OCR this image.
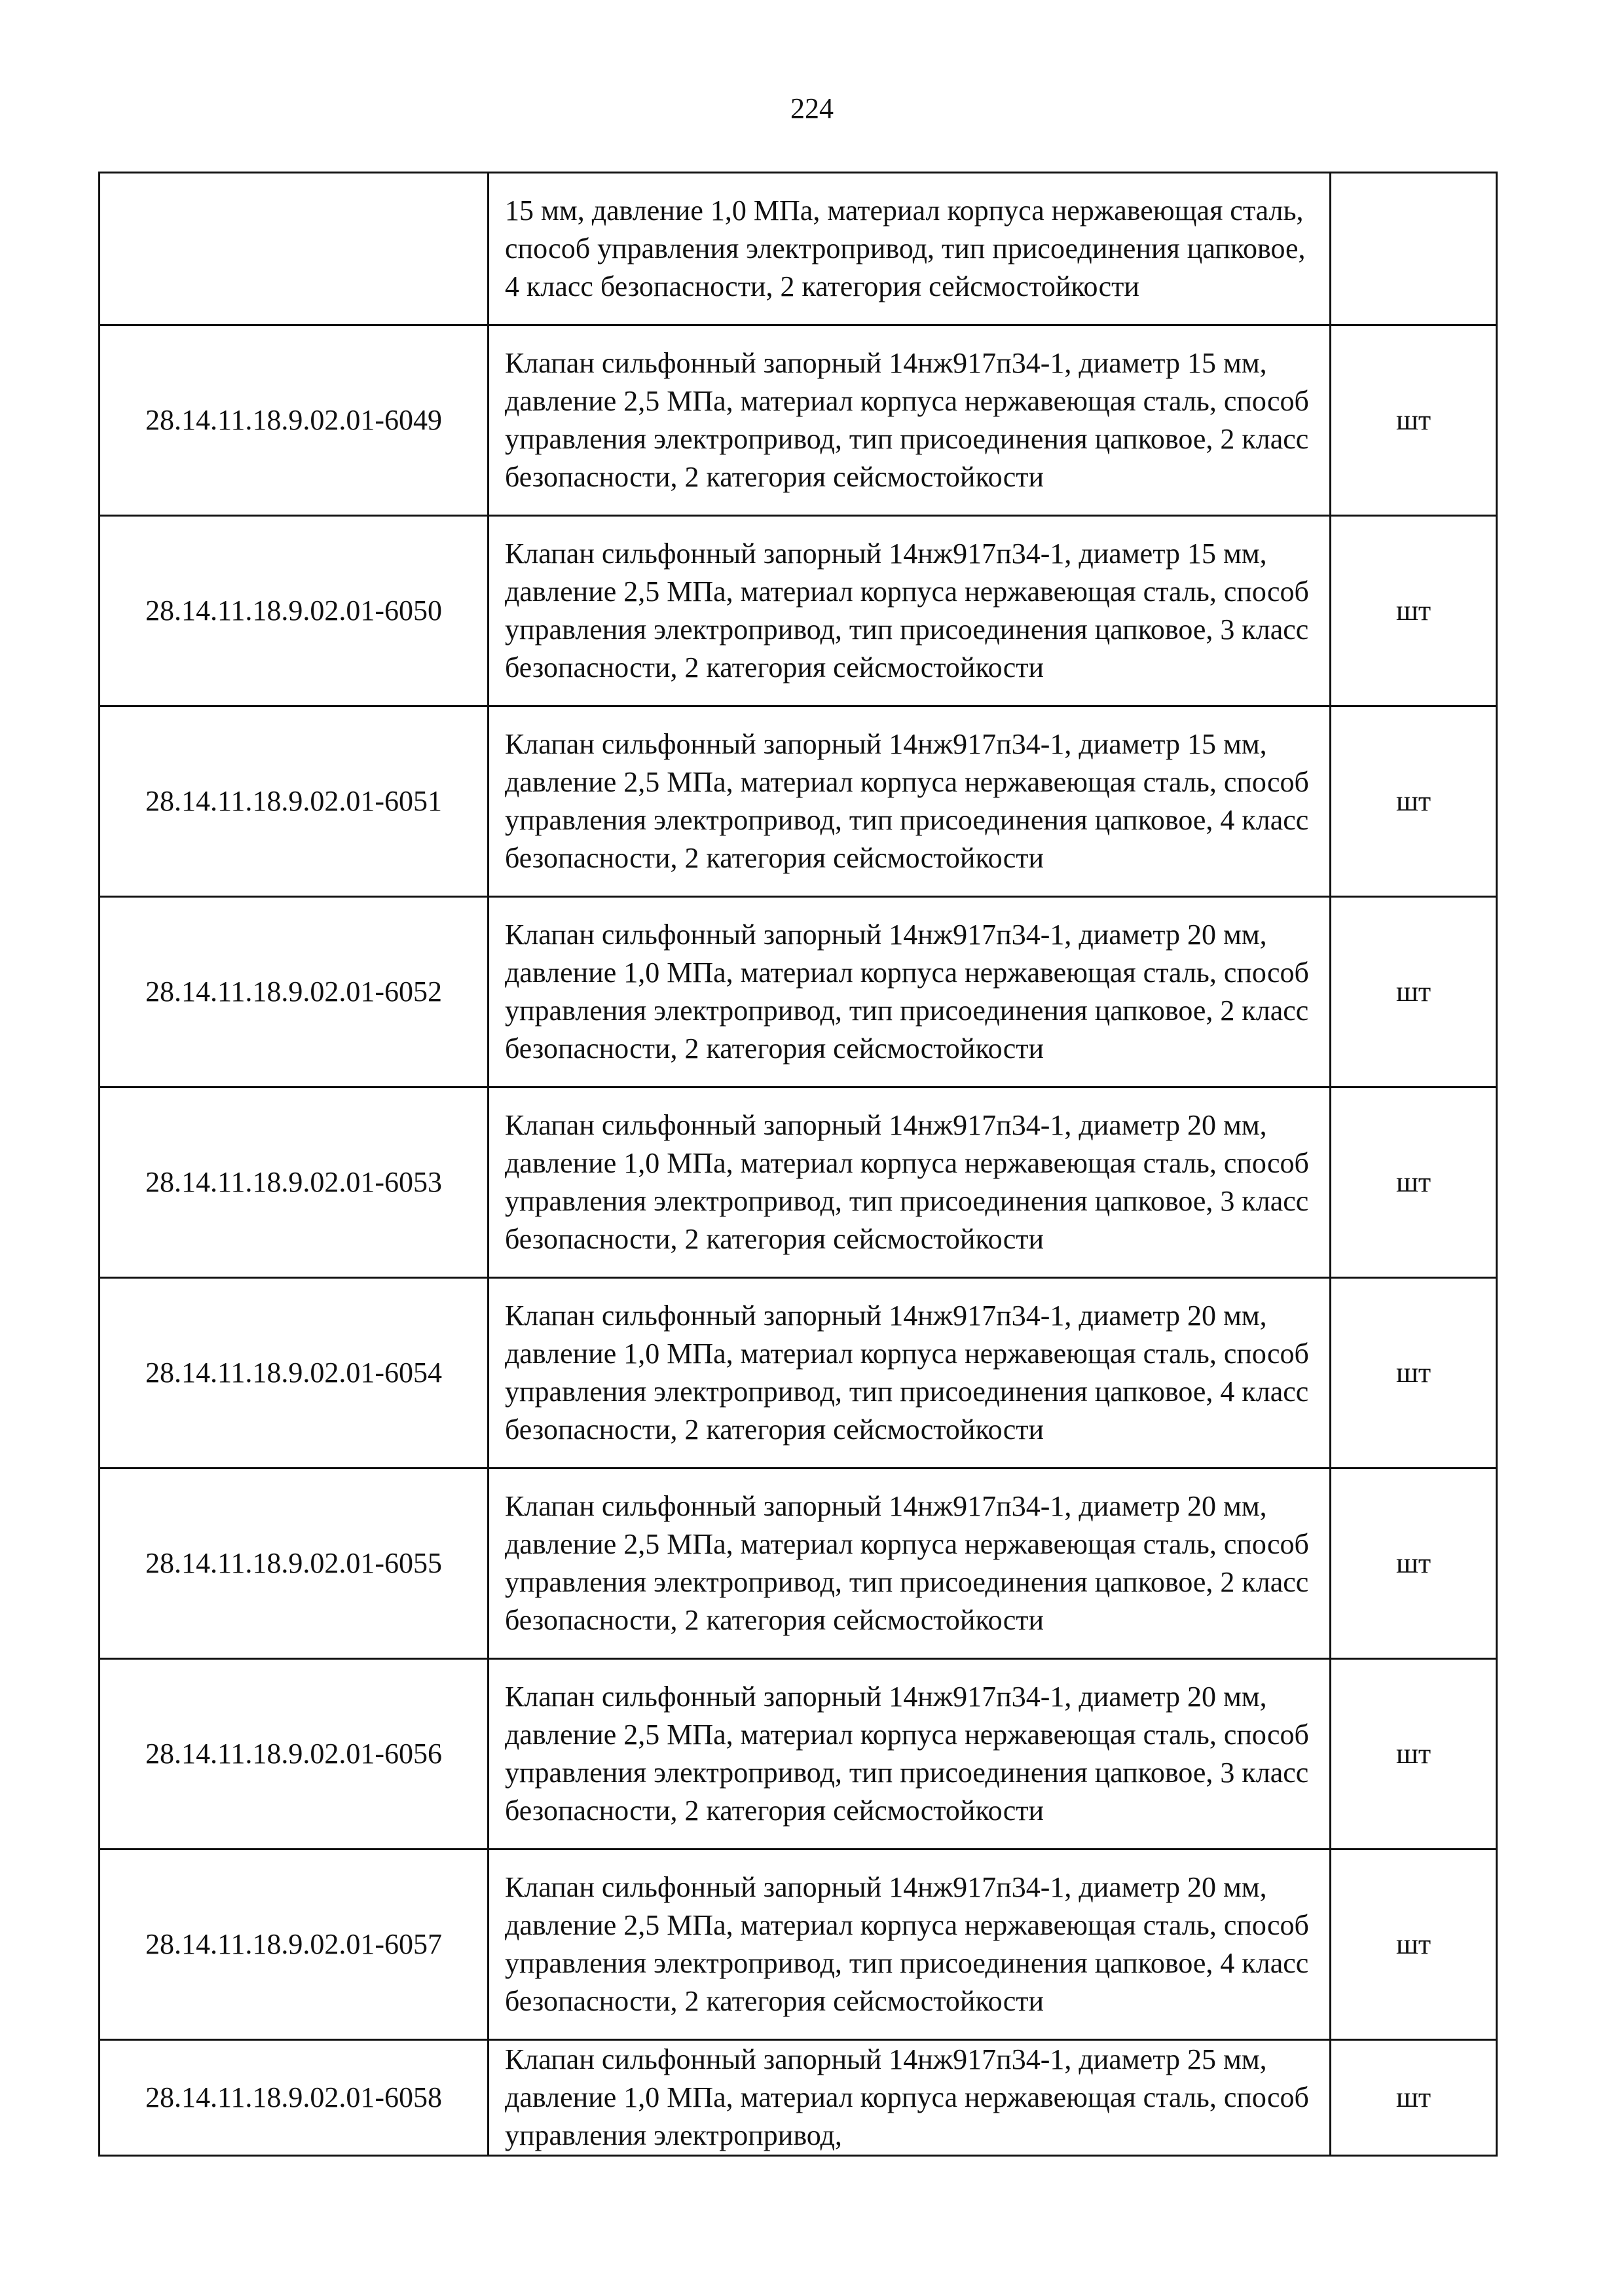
224
	15 мм, давление 1,0 МПа, материал корпуса нержавеющая сталь, способ управления электропривод, тип присоединения цапковое, 4 класс безопасности, 2 категория сейсмостойкости	
28.14.11.18.9.02.01-6049	Клапан сильфонный запорный 14нж917п34-1, диаметр 15 мм, давление 2,5 МПа, материал корпуса нержавеющая сталь, способ управления электропривод, тип присоединения цапковое, 2 класс безопасности, 2 категория сейсмостойкости	шт
28.14.11.18.9.02.01-6050	Клапан сильфонный запорный 14нж917п34-1, диаметр 15 мм, давление 2,5 МПа, материал корпуса нержавеющая сталь, способ управления электропривод, тип присоединения цапковое, 3 класс безопасности, 2 категория сейсмостойкости	шт
28.14.11.18.9.02.01-6051	Клапан сильфонный запорный 14нж917п34-1, диаметр 15 мм, давление 2,5 МПа, материал корпуса нержавеющая сталь, способ управления электропривод, тип присоединения цапковое, 4 класс безопасности, 2 категория сейсмостойкости	шт
28.14.11.18.9.02.01-6052	Клапан сильфонный запорный 14нж917п34-1, диаметр 20 мм, давление 1,0 МПа, материал корпуса нержавеющая сталь, способ управления электропривод, тип присоединения цапковое, 2 класс безопасности, 2 категория сейсмостойкости	шт
28.14.11.18.9.02.01-6053	Клапан сильфонный запорный 14нж917п34-1, диаметр 20 мм, давление 1,0 МПа, материал корпуса нержавеющая сталь, способ управления электропривод, тип присоединения цапковое, 3 класс безопасности, 2 категория сейсмостойкости	шт
28.14.11.18.9.02.01-6054	Клапан сильфонный запорный 14нж917п34-1, диаметр 20 мм, давление 1,0 МПа, материал корпуса нержавеющая сталь, способ управления электропривод, тип присоединения цапковое, 4 класс безопасности, 2 категория сейсмостойкости	шт
28.14.11.18.9.02.01-6055	Клапан сильфонный запорный 14нж917п34-1, диаметр 20 мм, давление 2,5 МПа, материал корпуса нержавеющая сталь, способ управления электропривод, тип присоединения цапковое, 2 класс безопасности, 2 категория сейсмостойкости	шт
28.14.11.18.9.02.01-6056	Клапан сильфонный запорный 14нж917п34-1, диаметр 20 мм, давление 2,5 МПа, материал корпуса нержавеющая сталь, способ управления электропривод, тип присоединения цапковое, 3 класс безопасности, 2 категория сейсмостойкости	шт
28.14.11.18.9.02.01-6057	Клапан сильфонный запорный 14нж917п34-1, диаметр 20 мм, давление 2,5 МПа, материал корпуса нержавеющая сталь, способ управления электропривод, тип присоединения цапковое, 4 класс безопасности, 2 категория сейсмостойкости	шт
28.14.11.18.9.02.01-6058	Клапан сильфонный запорный 14нж917п34-1, диаметр 25 мм, давление 1,0 МПа, материал корпуса нержавеющая сталь, способ управления электропривод,	шт
